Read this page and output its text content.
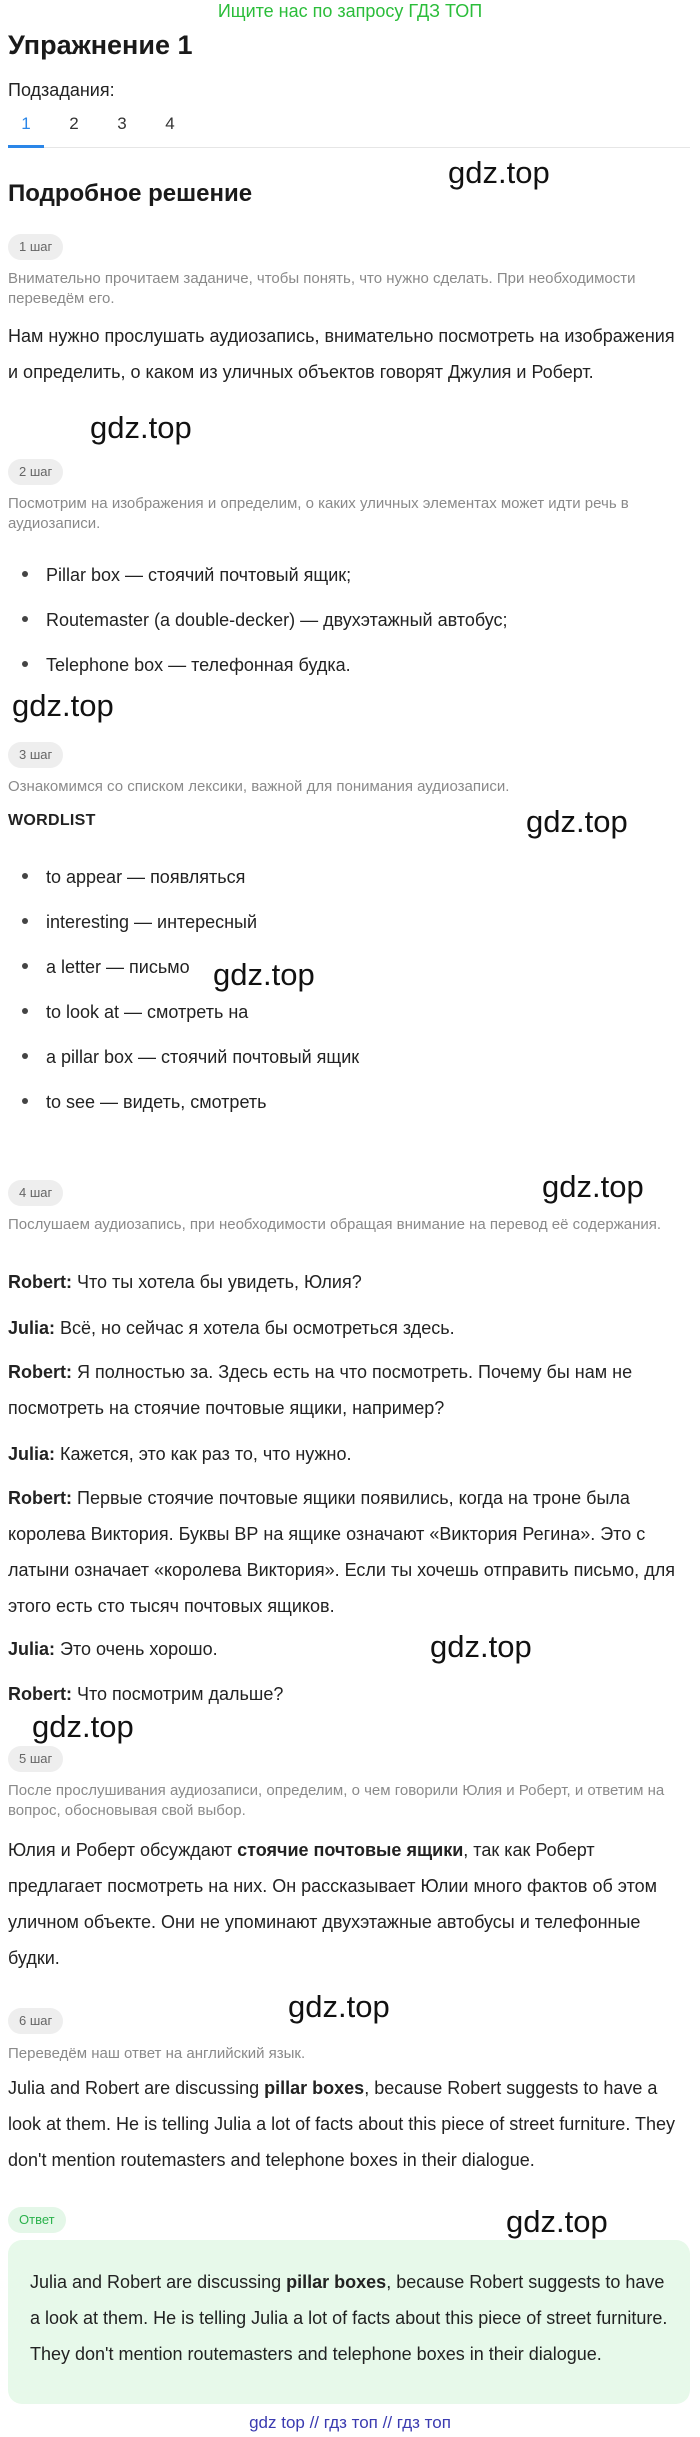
Ищите нас по запросу ГДЗ ТОП
Упражнение 1
Подзадания:
1	2	3	4
Подробное решение
gdz.top
gdz.top
gdz.top
gdz.top
gdz.top
gdz.top
gdz.top
gdz.top
gdz.top
gdz.top
1 шаг
Внимательно прочитаем заданиче, чтобы понять, что нужно сделать. При необходимости переведём его.
Нам нужно прослушать аудиозапись, внимательно посмотреть на изображения и определить, о каком из уличных объектов говорят Джулия и Роберт.
2 шаг
Посмотрим на изображения и определим, о каких уличных элементах может идти речь в аудиозаписи.
Pillar box — стоячий почтовый ящик;
Routemaster (a double-decker) — двухэтажный автобус;
Telephone box — телефонная будка.
3 шаг
Ознакомимся со списком лексики, важной для понимания аудиозаписи.
WORDLIST
to appear — появляться
interesting — интересный
a letter — письмо
to look at — смотреть на
a pillar box — стоячий почтовый ящик
to see — видеть, смотреть
4 шаг
Послушаем аудиозапись, при необходимости обращая внимание на перевод её содержания.
Robert: Что ты хотела бы увидеть, Юлия?
Julia: Всё, но сейчас я хотела бы осмотреться здесь.
Robert: Я полностью за. Здесь есть на что посмотреть. Почему бы нам не посмотреть на стоячие почтовые ящики, например?
Julia: Кажется, это как раз то, что нужно.
Robert: Первые стоячие почтовые ящики появились, когда на троне была королева Виктория. Буквы ВР на ящике означают «Виктория Регина». Это с латыни означает «королева Виктория». Если ты хочешь отправить письмо, для этого есть сто тысяч почтовых ящиков.
Julia: Это очень хорошо.
Robert: Что посмотрим дальше?
5 шаг
После прослушивания аудиозаписи, определим, о чем говорили Юлия и Роберт, и ответим на вопрос, обосновывая свой выбор.
Юлия и Роберт обсуждают стоячие почтовые ящики, так как Роберт предлагает посмотреть на них. Он рассказывает Юлии много фактов об этом уличном объекте. Они не упоминают двухэтажные автобусы и телефонные будки.
6 шаг
Переведём наш ответ на английский язык.
Julia and Robert are discussing pillar boxes, because Robert suggests to have a look at them. He is telling Julia a lot of facts about this piece of street furniture. They don't mention routemasters and telephone boxes in their dialogue.
Ответ
Julia and Robert are discussing pillar boxes, because Robert suggests to have a look at them. He is telling Julia a lot of facts about this piece of street furniture. They don't mention routemasters and telephone boxes in their dialogue.
gdz top // гдз топ // гдз топ
